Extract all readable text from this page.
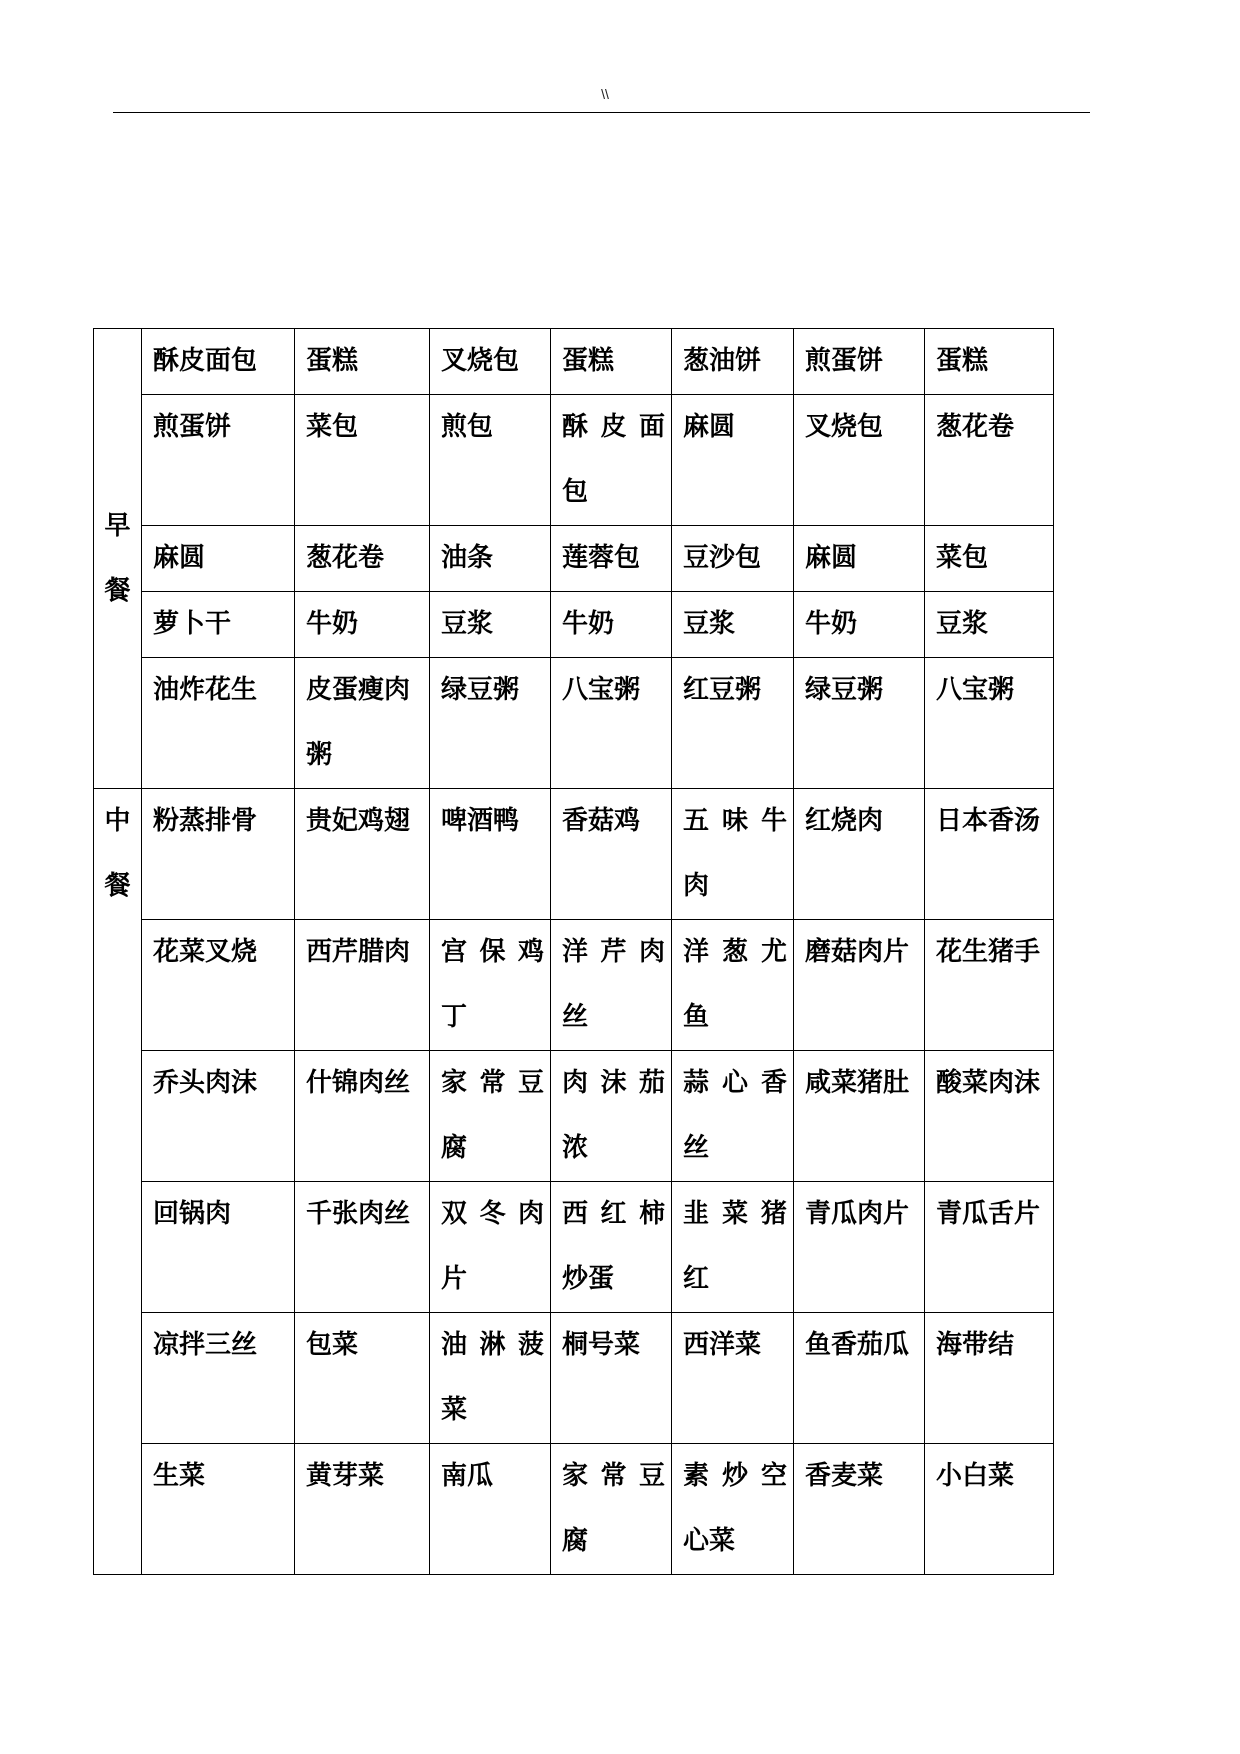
\\
早餐	酥皮面包	蛋糕	叉烧包	蛋糕	葱油饼	煎蛋饼	蛋糕
	煎蛋饼	菜包	煎包	酥 皮 面 包	麻圆	叉烧包	葱花卷
	麻圆	葱花卷	油条	莲蓉包	豆沙包	麻圆	菜包
	萝卜干	牛奶	豆浆	牛奶	豆浆	牛奶	豆浆
	油炸花生	皮蛋瘦肉粥	绿豆粥	八宝粥	红豆粥	绿豆粥	八宝粥
中餐	粉蒸排骨	贵妃鸡翅	啤酒鸭	香菇鸡	五 味 牛 肉	红烧肉	日本香汤
	花菜叉烧	西芹腊肉	宫 保 鸡 丁	洋 芹 肉 丝	洋 葱 尤 鱼	磨菇肉片	花生猪手
	乔头肉沫	什锦肉丝	家 常 豆 腐	肉 沫 茄 浓	蒜 心 香 丝	咸菜猪肚	酸菜肉沫
	回锅肉	千张肉丝	双 冬 肉 片	西 红 柿 炒蛋	韭 菜 猪 红	青瓜肉片	青瓜舌片
	凉拌三丝	包菜	油 淋 菠 菜	桐号菜	西洋菜	鱼香茄瓜	海带结
	生菜	黄芽菜	南瓜	家 常 豆 腐	素 炒 空 心菜	香麦菜	小白菜
